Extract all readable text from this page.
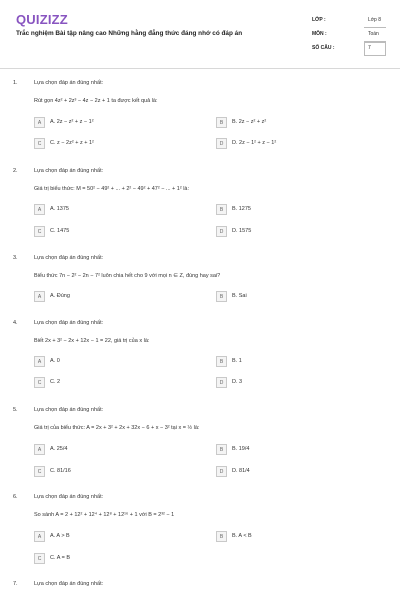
QUIZIZZ
Trắc nghiệm Bài tập nâng cao Những hằng đẳng thức đáng nhớ có đáp án
LỚP :	Lớp 8
MÔN :	Toán
SỐ CÂU :	7
1.	Lựa chọn đáp án đúng nhất:
Rút gọn 4z² + 2z³ − 4z − 2z + 1 ta được kết quả là:
A	A. 2z − z² + z − 1²	B	B. 2z − z² + z²
C	C. z − 2z² + z + 1²	D	D. 2z − 1² + z − 1²
2.	Lựa chọn đáp án đúng nhất:
Giá trị biểu thức: M = 50² − 49² + ... + 2² − 49² + 47² − ... + 1² là:
A	A. 1375	B	B. 1275
C	C. 1475	D	D. 1575
3.	Lựa chọn đáp án đúng nhất:
Biểu thức 7n − 2² − 2n − 7² luôn chia hết cho 9 với mọi n ∈ Z, đúng hay sai?
A	A. Đúng	B	B. Sai
4.	Lựa chọn đáp án đúng nhất:
Biết 2x + 3² − 2x + 12x − 1 = 22, giá trị của x là:
A	A. 0	B	B. 1
C	C. 2	D	D. 3
5.	Lựa chọn đáp án đúng nhất:
Giá trị của biểu thức: A = 2x + 3² + 2x + 32x − 6 + x − 3² tại x = ½ là:
A	A. 25/4	B	B. 19/4
C	C. 81/16	D	D. 81/4
6.	Lựa chọn đáp án đúng nhất:
So sánh A = 2 + 12² + 12⁴ + 12⁸ + 12¹⁶ + 1 với B = 2³² − 1
A	A. A > B	B	B. A < B
C	C. A = B
7.	Lựa chọn đáp án đúng nhất:
